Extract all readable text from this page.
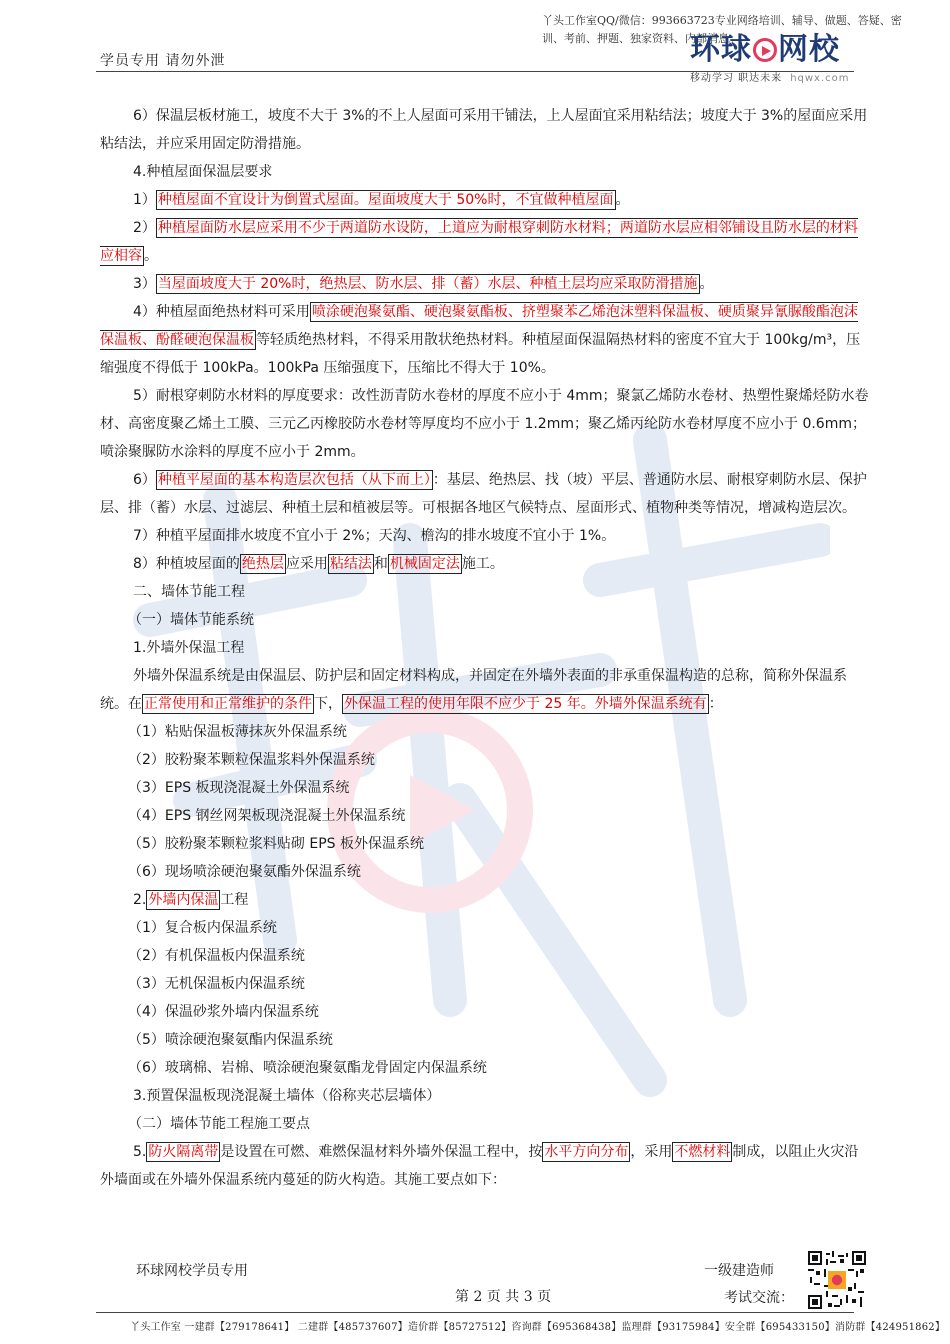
丫头工作室QQ/微信：993663723专业网络培训、辅导、做题、答疑、密训、考前、押题、独家资料、内部消息。
学员专用 请勿外泄	环球 网校
移动学习 职达未来 hqwx.com

6）保温层板材施工，坡度不大于 3%的不上人屋面可采用干铺法，上人屋面宜采用粘结法；坡度大于 3%的屋面应采用粘结法，并应采用固定防滑措施。

4.种植屋面保温层要求

1） 种植屋面不宜设计为倒置式屋面。屋面坡度大于 50%时，不宜做种植屋面 。

2） 种植屋面防水层应采用不少于两道防水设防，上道应为耐根穿刺防水材料；两道防水层应相邻铺设且防水层的材料应相容 。

3） 当屋面坡度大于 20%时，绝热层、防水层、排（蓄）水层、种植土层均应采取防滑措施 。

4）种植屋面绝热材料可采用 喷涂硬泡聚氨酯、硬泡聚氨酯板、挤塑聚苯乙烯泡沫塑料保温板、硬质聚异氰脲酸酯泡沫保温板、酚醛硬泡保温板 等轻质绝热材料，不得采用散状绝热材料。种植屋面保温隔热材料的密度不宜大于 100kg/m³，压缩强度不得低于 100kPa。100kPa 压缩强度下，压缩比不得大于 10%。

5）耐根穿刺防水材料的厚度要求：改性沥青防水卷材的厚度不应小于 4mm；聚氯乙烯防水卷材、热塑性聚烯烃防水卷材、高密度聚乙烯土工膜、三元乙丙橡胶防水卷材等厚度均不应小于 1.2mm；聚乙烯丙纶防水卷材厚度不应小于 0.6mm；喷涂聚脲防水涂料的厚度不应小于 2mm。

6） 种植平屋面的基本构造层次包括（从下而上） ：基层、绝热层、找（坡）平层、普通防水层、耐根穿刺防水层、保护层、排（蓄）水层、过滤层、种植土层和植被层等。可根据各地区气候特点、屋面形式、植物种类等情况，增减构造层次。

7）种植平屋面排水坡度不宜小于 2%；天沟、檐沟的排水坡度不宜小于 1%。

8）种植坡屋面的 绝热层 应采用 粘结法 和 机械固定法 施工。

二、墙体节能工程

（一）墙体节能系统

1.外墙外保温工程

外墙外保温系统是由保温层、防护层和固定材料构成，并固定在外墙外表面的非承重保温构造的总称，简称外保温系统。在 正常使用和正常维护的条件 下， 外保温工程的使用年限不应少于 25 年。外墙外保温系统有 ：

（1）粘贴保温板薄抹灰外保温系统

（2）胶粉聚苯颗粒保温浆料外保温系统

（3）EPS 板现浇混凝土外保温系统

（4）EPS 钢丝网架板现浇混凝土外保温系统

（5）胶粉聚苯颗粒浆料贴砌 EPS 板外保温系统

（6）现场喷涂硬泡聚氨酯外保温系统

2. 外墙内保温 工程

（1）复合板内保温系统

（2）有机保温板内保温系统

（3）无机保温板内保温系统

（4）保温砂浆外墙内保温系统

（5）喷涂硬泡聚氨酯内保温系统

（6）玻璃棉、岩棉、喷涂硬泡聚氨酯龙骨固定内保温系统

3.预置保温板现浇混凝土墙体（俗称夹芯层墙体）

（二）墙体节能工程施工要点

5. 防火隔离带 是设置在可燃、难燃保温材料外墙外保温工程中，按 水平方向分布 ，采用 不燃材料 制成，以阻止火灾沿外墙面或在外墙外保温系统内蔓延的防火构造。其施工要点如下：

环球网校学员专用	一级建造师
考试交流：
第 2 页 共 3 页
丫头工作室 一建群【279178641】 二建群【485737607】造价群【85727512】咨询群【695368438】监理群【93175984】安全群【695433150】消防群【424951862】
